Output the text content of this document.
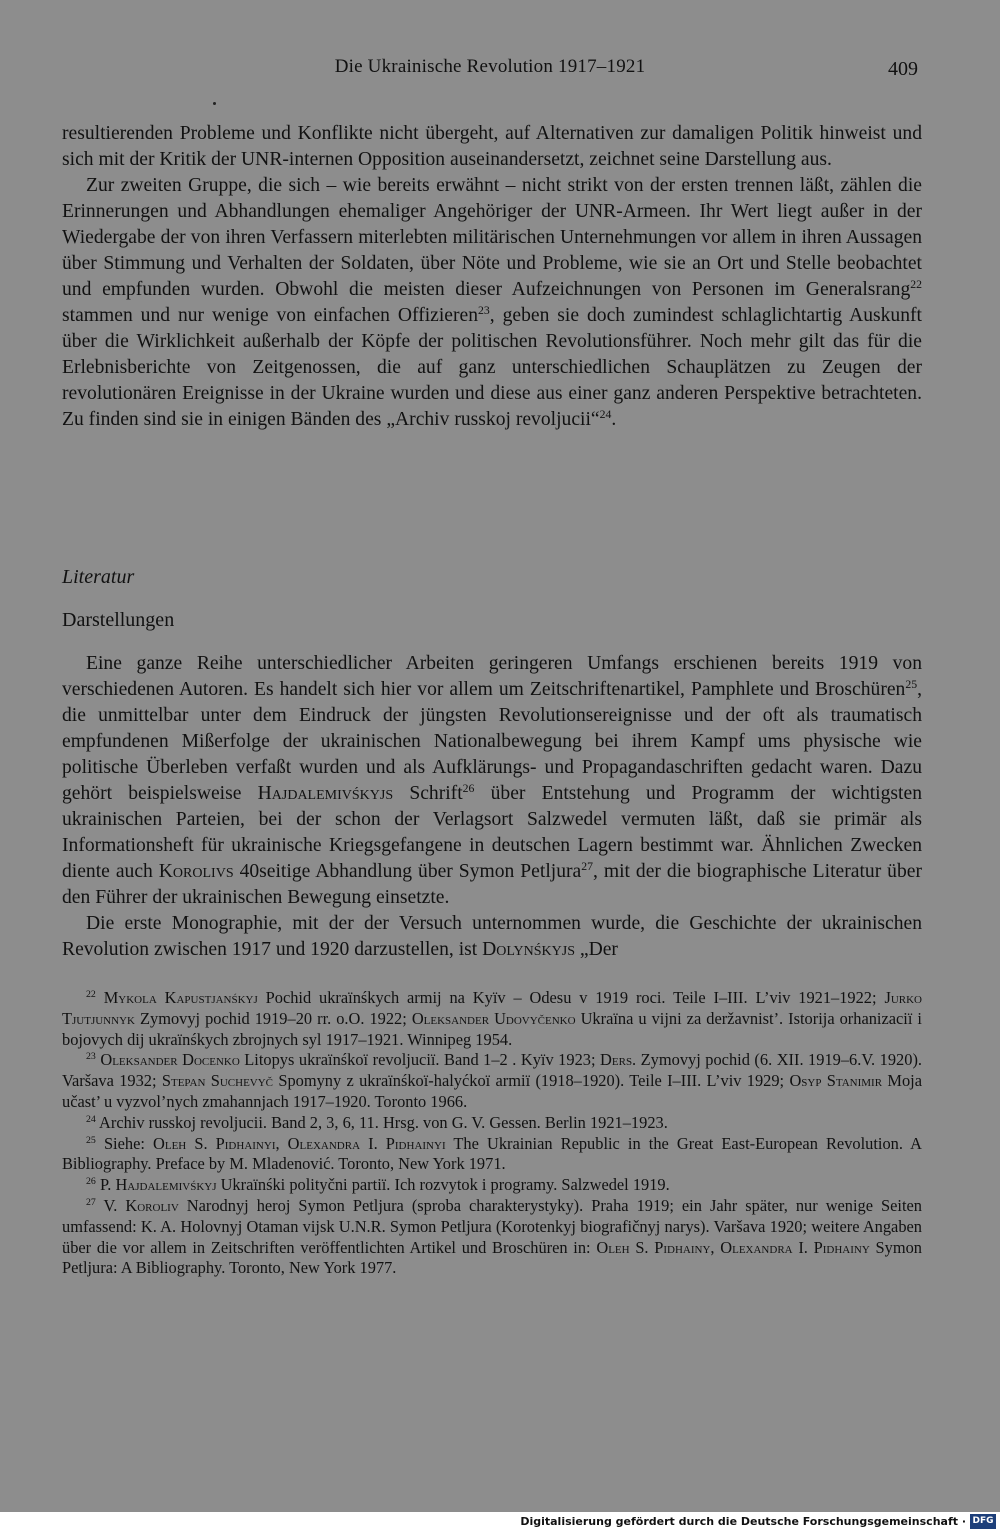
Die Ukrainische Revolution 1917–1921	409

resultierenden Probleme und Konflikte nicht übergeht, auf Alternativen zur damaligen Politik hinweist und sich mit der Kritik der UNR-internen Opposition auseinandersetzt, zeichnet seine Darstellung aus.

Zur zweiten Gruppe, die sich – wie bereits erwähnt – nicht strikt von der ersten trennen läßt, zählen die Erinnerungen und Abhandlungen ehemaliger Angehöriger der UNR-Armeen. Ihr Wert liegt außer in der Wiedergabe der von ihren Verfassern miterlebten militärischen Unternehmungen vor allem in ihren Aussagen über Stimmung und Verhalten der Soldaten, über Nöte und Probleme, wie sie an Ort und Stelle beobachtet und empfunden wurden. Obwohl die meisten dieser Aufzeichnungen von Personen im Generalsrang$^{22}$ stammen und nur wenige von einfachen Offizieren$^{23}$, geben sie doch zumindest schlaglichtartig Auskunft über die Wirklichkeit außerhalb der Köpfe der politischen Revolutionsführer. Noch mehr gilt das für die Erlebnisberichte von Zeitgenossen, die auf ganz unterschiedlichen Schauplätzen zu Zeugen der revolutionären Ereignisse in der Ukraine wurden und diese aus einer ganz anderen Perspektive betrachteten. Zu finden sind sie in einigen Bänden des „Archiv russkoj revoljucii“$^{24}$.

Literatur
Darstellungen

Eine ganze Reihe unterschiedlicher Arbeiten geringeren Umfangs erschienen bereits 1919 von verschiedenen Autoren. Es handelt sich hier vor allem um Zeitschriftenartikel, Pamphlete und Broschüren$^{25}$, die unmittelbar unter dem Eindruck der jüngsten Revolutionsereignisse und der oft als traumatisch empfundenen Mißerfolge der ukrainischen Nationalbewegung bei ihrem Kampf ums physische wie politische Überleben verfaßt wurden und als Aufklärungs- und Propagandaschriften gedacht waren. Dazu gehört beispielsweise Hajdalemivśkyjs Schrift$^{26}$ über Entstehung und Programm der wichtigsten ukrainischen Parteien, bei der schon der Verlagsort Salzwedel vermuten läßt, daß sie primär als Informationsheft für ukrainische Kriegsgefangene in deutschen Lagern bestimmt war. Ähnlichen Zwecken diente auch Korolivs 40seitige Abhandlung über Symon Petljura$^{27}$, mit der die biographische Literatur über den Führer der ukrainischen Bewegung einsetzte.

Die erste Monographie, mit der der Versuch unternommen wurde, die Geschichte der ukrainischen Revolution zwischen 1917 und 1920 darzustellen, ist Dolynśkyjs „Der

$^{22}$ Mykola Kapustjanśkyj Pochid ukraïnśkych armij na Kyïv – Odesu v 1919 roci. Teile I–III. L’viv 1921–1922; Jurko Tjutjunnyk Zymovyj pochid 1919–20 rr. o.O. 1922; Oleksander Udovyčenko Ukraïna u vijni za deržavnist’. Istorija orhanizaciï i bojovych dij ukraïnśkych zbrojnych syl 1917–1921. Winnipeg 1954.

$^{23}$ Oleksander Docenko Litopys ukraïnśkoï revoljuciï. Band 1–2 . Kyïv 1923; Ders. Zymovyj pochid (6. XII. 1919–6.V. 1920). Varšava 1932; Stepan Suchevyč Spomyny z ukraïnśkoï-halyćkoï armiï (1918–1920). Teile I–III. L’viv 1929; Osyp Stanimir Moja učast’ u vyzvol’nych zmahannjach 1917–1920. Toronto 1966.

$^{24}$ Archiv russkoj revoljucii. Band 2, 3, 6, 11. Hrsg. von G. V. Gessen. Berlin 1921–1923.

$^{25}$ Siehe: Oleh S. Pidhainyi, Olexandra I. Pidhainyi The Ukrainian Republic in the Great East-European Revolution. A Bibliography. Preface by M. Mladenović. Toronto, New York 1971.

$^{26}$ P. Hajdalemivśkyj Ukraïnśki polityčni partiï. Ich rozvytok i programy. Salzwedel 1919.

$^{27}$ V. Koroliv Narodnyj heroj Symon Petljura (sproba charakterystyky). Praha 1919; ein Jahr später, nur wenige Seiten umfassend: K. A. Holovnyj Otaman vijsk U.N.R. Symon Petljura (Korotenkyj biografičnyj narys). Varšava 1920; weitere Angaben über die vor allem in Zeitschriften veröffentlichten Artikel und Broschüren in: Oleh S. Pidhainy, Olexandra I. Pidhainy Symon Petljura: A Bibliography. Toronto, New York 1977.

Digitalisierung gefördert durch die Deutsche Forschungsgemeinschaft · DFG
